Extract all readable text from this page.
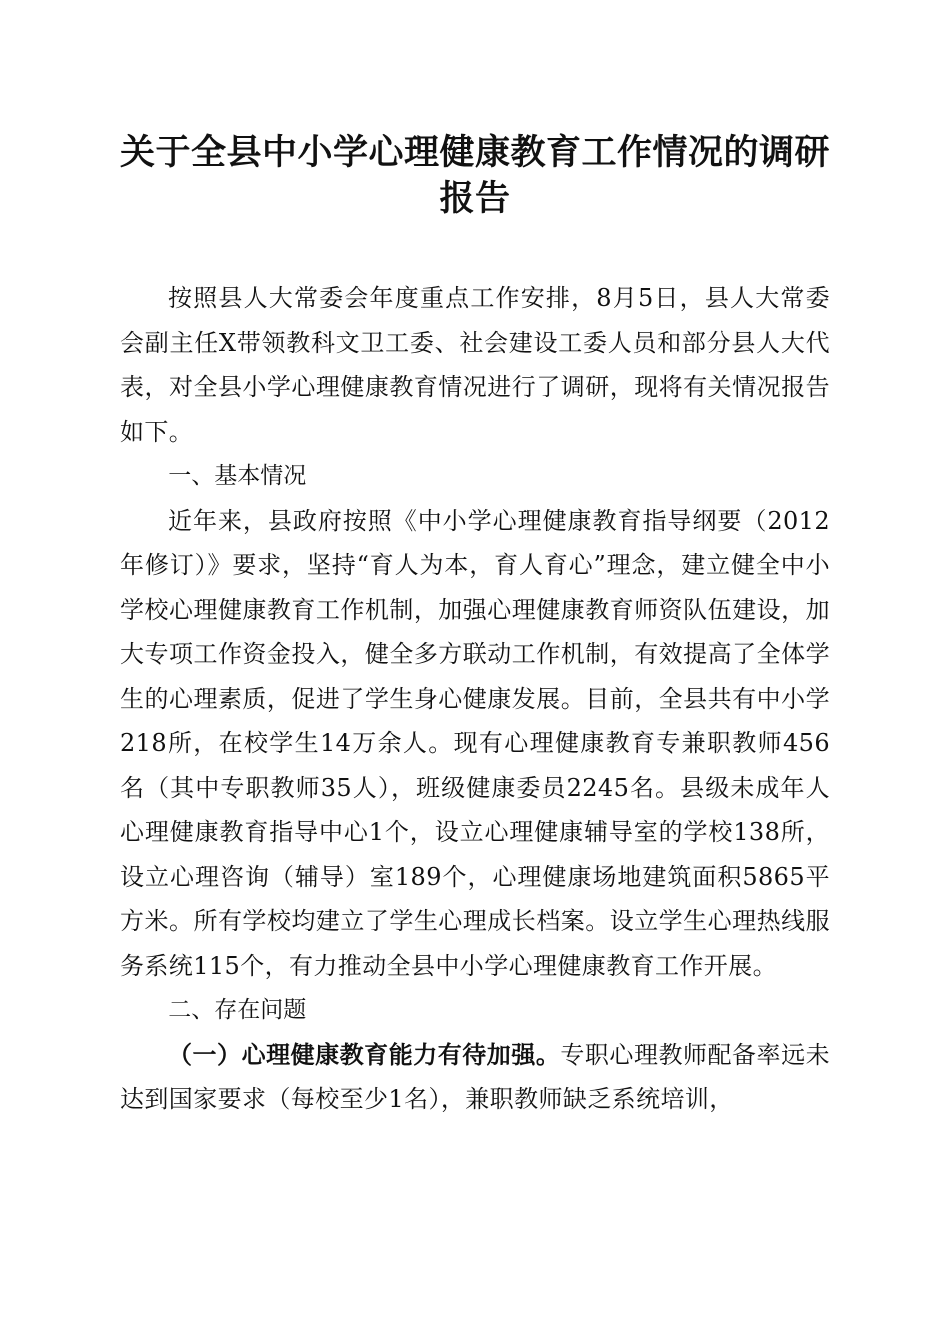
关于全县中小学心理健康教育工作情况的调研
报告

按照县人大常委会年度重点工作安排，8月5日，县人大常委会副主任X带领教科文卫工委、社会建设工委人员和部分县人大代表，对全县小学心理健康教育情况进行了调研，现将有关情况报告如下。

一、基本情况

近年来，县政府按照《中小学心理健康教育指导纲要（2012年修订）》要求，坚持“育人为本，育人育心”理念，建立健全中小学校心理健康教育工作机制，加强心理健康教育师资队伍建设，加大专项工作资金投入，健全多方联动工作机制，有效提高了全体学生的心理素质，促进了学生身心健康发展。目前，全县共有中小学218所，在校学生14万余人。现有心理健康教育专兼职教师456名（其中专职教师35人），班级健康委员2245名。县级未成年人心理健康教育指导中心1个，设立心理健康辅导室的学校138所，设立心理咨询（辅导）室189个，心理健康场地建筑面积5865平方米。所有学校均建立了学生心理成长档案。设立学生心理热线服务系统115个，有力推动全县中小学心理健康教育工作开展。

二、存在问题

（一）心理健康教育能力有待加强。专职心理教师配备率远未达到国家要求（每校至少1名），兼职教师缺乏系统培训，
